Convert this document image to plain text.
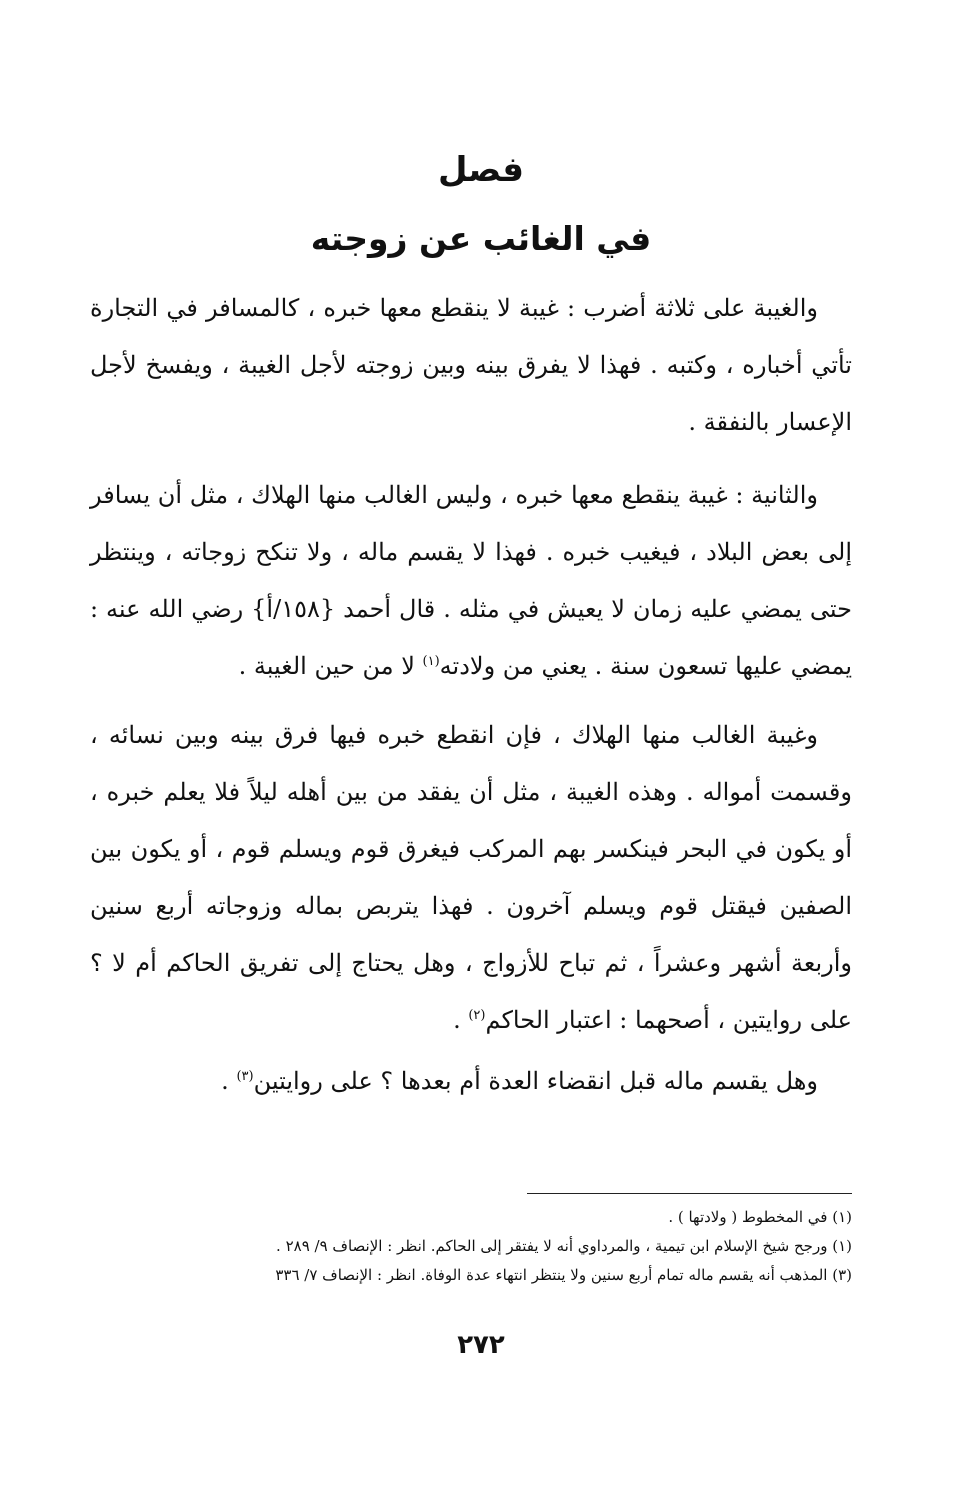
فصل
في الغائب عن زوجته

والغيبة على ثلاثة أضرب : غيبة لا ينقطع معها خبره ، كالمسافر في التجارة تأتي أخباره ، وكتبه . فهذا لا يفرق بينه وبين زوجته لأجل الغيبة ، ويفسخ لأجل الإعسار بالنفقة .

والثانية : غيبة ينقطع معها خبره ، وليس الغالب منها الهلاك ، مثل أن يسافر إلى بعض البلاد ، فيغيب خبره . فهذا لا يقسم ماله ، ولا تنكح زوجاته ، وينتظر حتى يمضي عليه زمان لا يعيش في مثله . قال أحمد {١٥٨/أ} رضي الله عنه : يمضي عليها تسعون سنة . يعني من ولادته$^{(١)}$ لا من حين الغيبة .

وغيبة الغالب منها الهلاك ، فإن انقطع خبره فيها فرق بينه وبين نسائه ، وقسمت أمواله . وهذه الغيبة ، مثل أن يفقد من بين أهله ليلاً فلا يعلم خبره ، أو يكون في البحر فينكسر بهم المركب فيغرق قوم ويسلم قوم ، أو يكون بين الصفين فيقتل قوم ويسلم آخرون . فهذا يتربص بماله وزوجاته أربع سنين وأربعة أشهر وعشراً ، ثم تباح للأزواج ، وهل يحتاج إلى تفريق الحاكم أم لا ؟ على روايتين ، أصحهما : اعتبار الحاكم$^{(٢)}$ .

وهل يقسم ماله قبل انقضاء العدة أم بعدها ؟ على روايتين$^{(٣)}$ .

(١) في المخطوط ( ولادتها ) .
(١) ورجح شيخ الإسلام ابن تيمية ، والمرداوي أنه لا يفتقر إلى الحاكم. انظر : الإنصاف ٩/ ٢٨٩ .
(٣) المذهب أنه يقسم ماله تمام أربع سنين ولا ينتظر انتهاء عدة الوفاة. انظر : الإنصاف ٧/ ٣٣٦
٢٧٢
